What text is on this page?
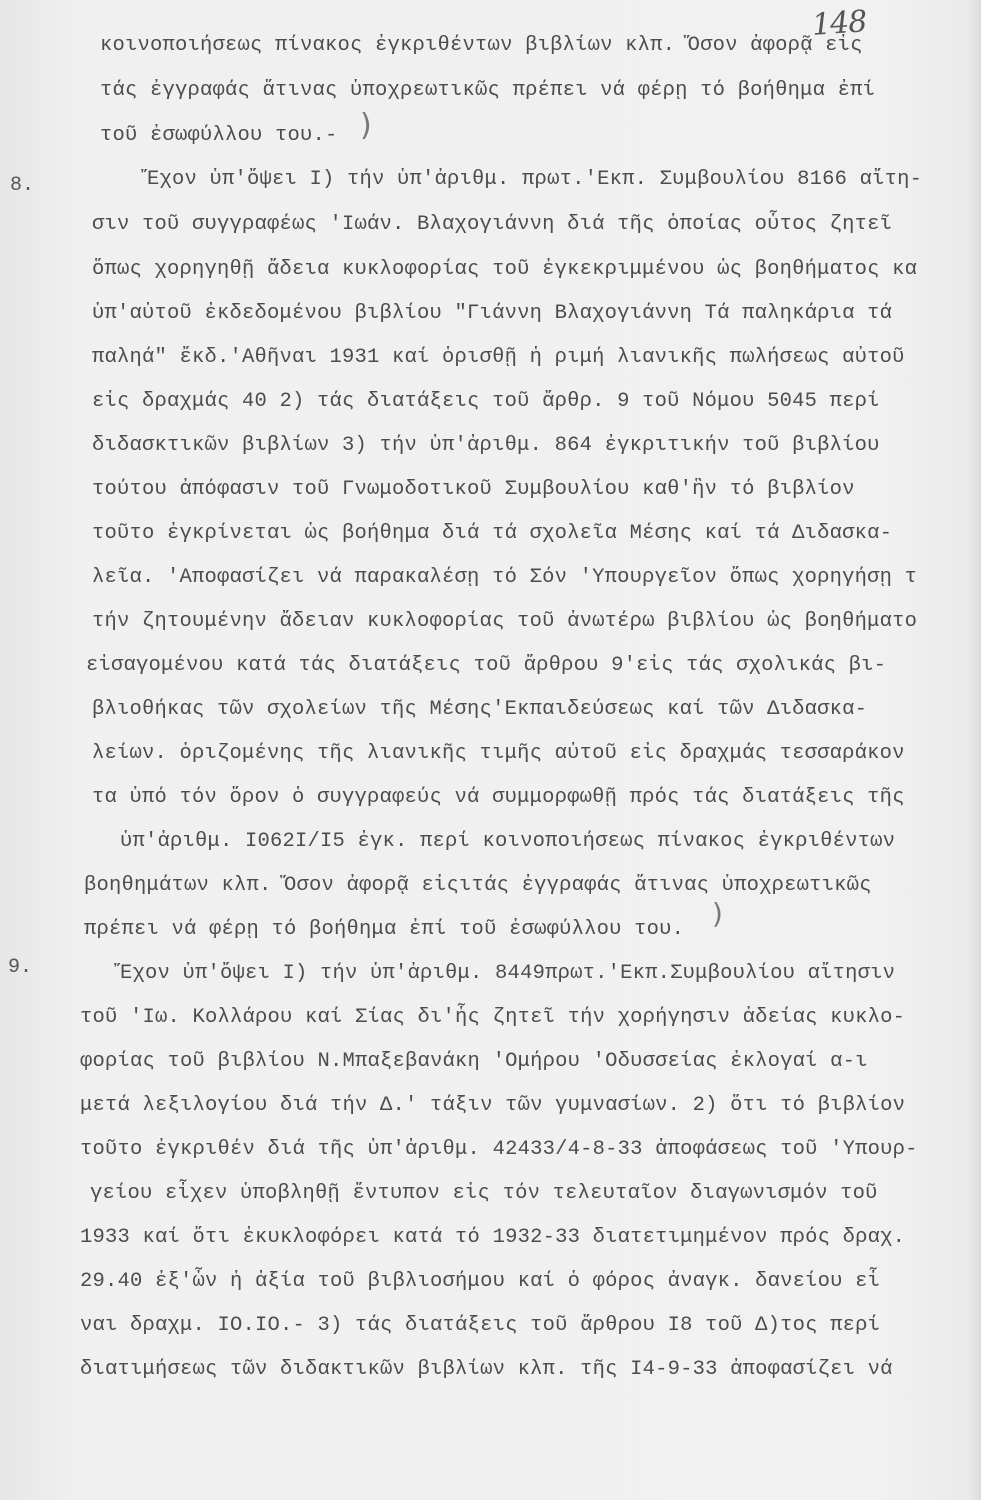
148
8.
9.
κοινοποιήσεως πίνακος ἐγκριθέντων βιβλίων κλπ. Ὅσον ἀφορᾷ εἰς
τάς ἐγγραφάς ἅτινας ὑποχρεωτικῶς πρέπει νά φέρῃ τό βοήθημα ἐπί
τοῦ ἐσωφύλλου του.-
Ἔχον ὑπ'ὄψει Ι) τήν ὑπ'ἀριθμ. πρωτ.'Εκπ. Συμβουλίου 8166 αἴτη-
σιν τοῦ συγγραφέως 'Ιωάν. Βλαχογιάννη διά τῆς ὁποίας οὗτος ζητεῖ
ὅπως χορηγηθῇ ἄδεια κυκλοφορίας τοῦ ἐγκεκριμμένου ὡς βοηθήματος κα
ὑπ'αὐτοῦ ἐκδεδομένου βιβλίου "Γιάννη Βλαχογιάννη Τά παληκάρια τά
παληά" ἔκδ.'Αθῆναι 1931 καί ὁρισθῇ ἡ ριμή λιανικῆς πωλήσεως αὐτοῦ
εἰς δραχμάς 40 2) τάς διατάξεις τοῦ ἄρθρ. 9 τοῦ Νόμου 5045 περί
διδασκτικῶν βιβλίων 3) τήν ὑπ'ἀριθμ. 864 ἐγκριτικήν τοῦ βιβλίου
τούτου ἀπόφασιν τοῦ Γνωμοδοτικοῦ Συμβουλίου καθ'ἣν τό βιβλίον
τοῦτο ἐγκρίνεται ὡς βοήθημα διά τά σχολεῖα Μέσης καί τά Διδασκα-
λεῖα. 'Αποφασίζει νά παρακαλέσῃ τό Σόν 'Υπουργεῖον ὅπως χορηγήσῃ τ
τήν ζητουμένην ἄδειαν κυκλοφορίας τοῦ ἀνωτέρω βιβλίου ὡς βοηθήματο
εἰσαγομένου κατά τάς διατάξεις τοῦ ἄρθρου 9'εἰς τάς σχολικάς βι-
βλιοθήκας τῶν σχολείων τῆς Μέσης'Εκπαιδεύσεως καί τῶν Διδασκα-
λείων. ὁριζομένης τῆς λιανικῆς τιμῆς αὐτοῦ εἰς δραχμάς τεσσαράκον
τα ὑπό τόν ὅρον ὁ συγγραφεύς νά συμμορφωθῇ πρός τάς διατάξεις τῆς
ὑπ'ἀριθμ. I062I/I5 ἐγκ. περί κοινοποιήσεως πίνακος ἐγκριθέντων
βοηθημάτων κλπ. Ὅσον ἀφορᾷ εἰςιτάς ἐγγραφάς ἅτινας ὑποχρεωτικῶς
πρέπει νά φέρῃ τό βοήθημα ἐπί τοῦ ἐσωφύλλου του.
Ἔχον ὑπ'ὄψει Ι) τήν ὑπ'ἀριθμ. 8449πρωτ.'Εκπ.Συμβουλίου αἴτησιν
τοῦ 'Ιω. Κολλάρου καί Σίας δι'ἧς ζητεῖ τήν χορήγησιν ἀδείας κυκλο-
φορίας τοῦ βιβλίου Ν.Μπαξεβανάκη 'Ομήρου 'Οδυσσείας ἐκλογαί α-ι
μετά λεξιλογίου διά τήν Δ.' τάξιν τῶν γυμνασίων. 2) ὅτι τό βιβλίον
τοῦτο ἐγκριθέν διά τῆς ὑπ'ἀριθμ. 42433/4-8-33 ἀποφάσεως τοῦ 'Υπουρ-
γείου εἶχεν ὑποβληθῇ ἔντυπον εἰς τόν τελευταῖον διαγωνισμόν τοῦ
1933 καί ὅτι ἐκυκλοφόρει κατά τό 1932-33 διατετιμημένον πρός δραχ.
29.40 ἐξ'ὧν ἡ ἀξία τοῦ βιβλιοσήμου καί ὁ φόρος ἀναγκ. δανείου εἶ
ναι δραχμ. IO.IO.- 3) τάς διατάξεις τοῦ ἄρθρου I8 τοῦ Δ)τος περί
διατιμήσεως τῶν διδακτικῶν βιβλίων κλπ. τῆς I4-9-33 ἀποφασίζει νά
)
)
